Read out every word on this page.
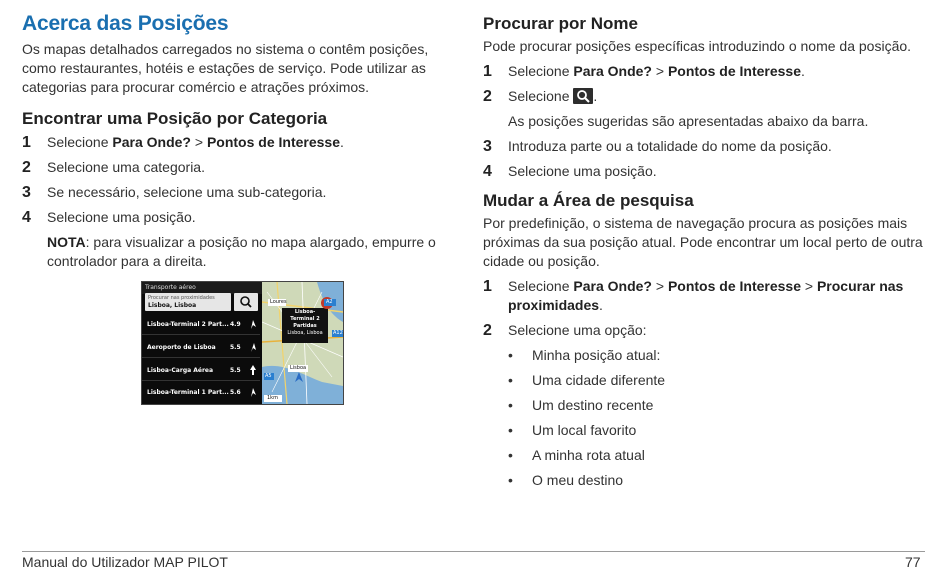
Acerca das Posições

Os mapas detalhados carregados no sistema o contêm posições, como restaurantes, hotéis e estações de serviço. Pode utilizar as categorias para procurar comércio e atrações próximos.

Encontrar uma Posição por Categoria
1	Selecione Para Onde? > Pontos de Interesse.
2	Selecione uma categoria.
3	Se necessário, selecione uma sub-categoria.
4	Selecione uma posição.
NOTA: para visualizar a posição no mapa alargado, empurre o controlador para a direita.
Transporte aéreo
Procurar nas proximidades
Lisboa, Lisboa
Lisboa-Terminal 2 Part... 4.9
Aeroporto de Lisboa 5.5
Lisboa-Carga Aérea	5.5
Lisboa-Terminal 1 Part... 5.6
Loures	A2
Lisboa-
Terminal 2
Partidas
Lisboa, Lisboa	A12
Lisboa
A5
1km
Procurar por Nome

Pode procurar posições específicas introduzindo o nome da posição.

1	Selecione Para Onde? > Pontos de Interesse.
2	Selecione
.
As posições sugeridas são apresentadas abaixo da barra.
3	Introduza parte ou a totalidade do nome da posição.
4	Selecione uma posição.
Mudar a Área de pesquisa

Por predefinição, o sistema de navegação procura as posições mais próximas da sua posição atual. Pode encontrar um local perto de outra cidade ou posição.

1	Selecione Para Onde? > Pontos de Interesse > Procurar nas proximidades.
2	Selecione uma opção:
•	Minha posição atual:
•	Uma cidade diferente
•	Um destino recente
•	Um local favorito
•	A minha rota atual
•	O meu destino
Manual do Utilizador MAP PILOT	77
